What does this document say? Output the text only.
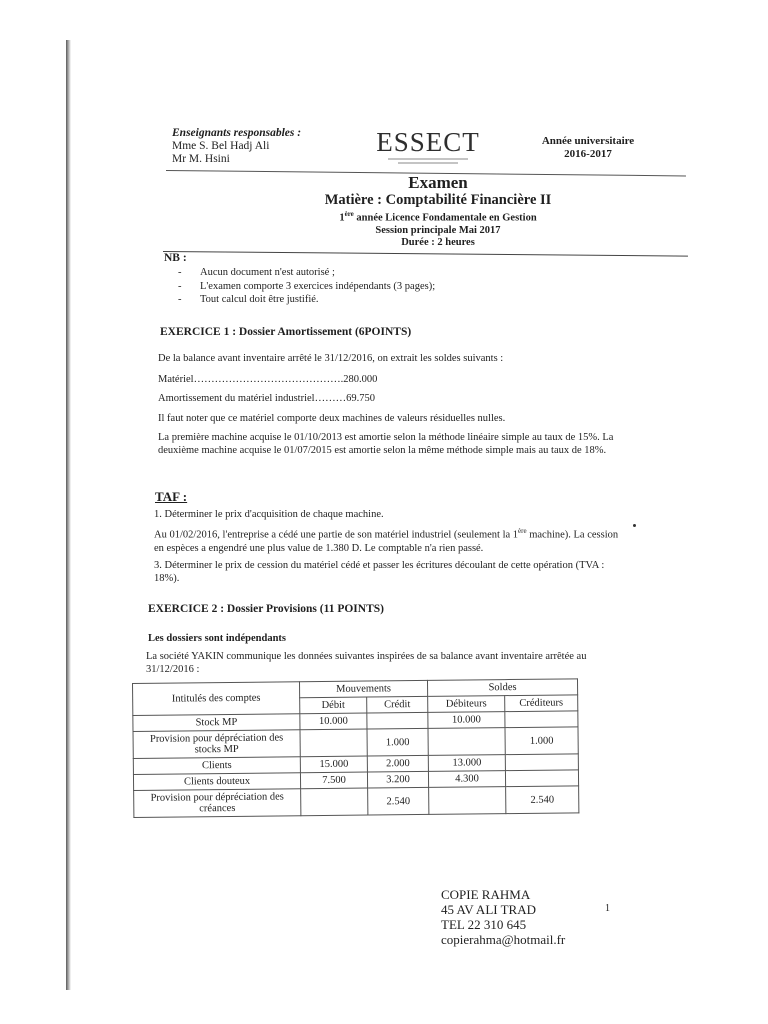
Enseignants responsables :
Mme S. Bel Hadj Ali
Mr M. Hsini
ESSECT	Année universitaire
2016-2017
Examen
Matière : Comptabilité Financière II
1ère année Licence Fondamentale en Gestion
Session principale Mai 2017
Durée : 2 heures
NB :
- Aucun document n'est autorisé ;
- L'examen comporte 3 exercices indépendants (3 pages);
- Tout calcul doit être justifié.
EXERCICE 1 : Dossier Amortissement (6POINTS)
De la balance avant inventaire arrêté le 31/12/2016, on extrait les soldes suivants :
Matériel…………………………………….280.000
Amortissement du matériel industriel………69.750
Il faut noter que ce matériel comporte deux machines de valeurs résiduelles nulles.
La première machine acquise le 01/10/2013 est amortie selon la méthode linéaire simple au taux de 15%. La deuxième machine acquise le 01/07/2015 est amortie selon la même méthode simple mais au taux de 18%.
TAF :
1. Déterminer le prix d'acquisition de chaque machine.
Au 01/02/2016, l'entreprise a cédé une partie de son matériel industriel (seulement la 1ère machine). La cession en espèces a engendré une plus value de 1.380 D. Le comptable n'a rien passé.
3. Déterminer le prix de cession du matériel cédé et passer les écritures découlant de cette opération (TVA : 18%).
EXERCICE 2 : Dossier Provisions (11 POINTS)
Les dossiers sont indépendants
La société YAKIN communique les données suivantes inspirées de sa balance avant inventaire arrêtée au 31/12/2016 :
Intitulés des comptes	Mouvements		Soldes	
	Débit	Crédit	Débiteurs	Créditeurs
Stock MP	10.000		10.000	
Provision pour dépréciation des stocks MP		1.000		1.000
Clients	15.000	2.000	13.000	
Clients douteux	7.500	3.200	4.300	
Provision pour dépréciation des créances		2.540		2.540
COPIE RAHMA
45 AV ALI TRAD
TEL 22 310 645
copierahma@hotmail.fr
1
